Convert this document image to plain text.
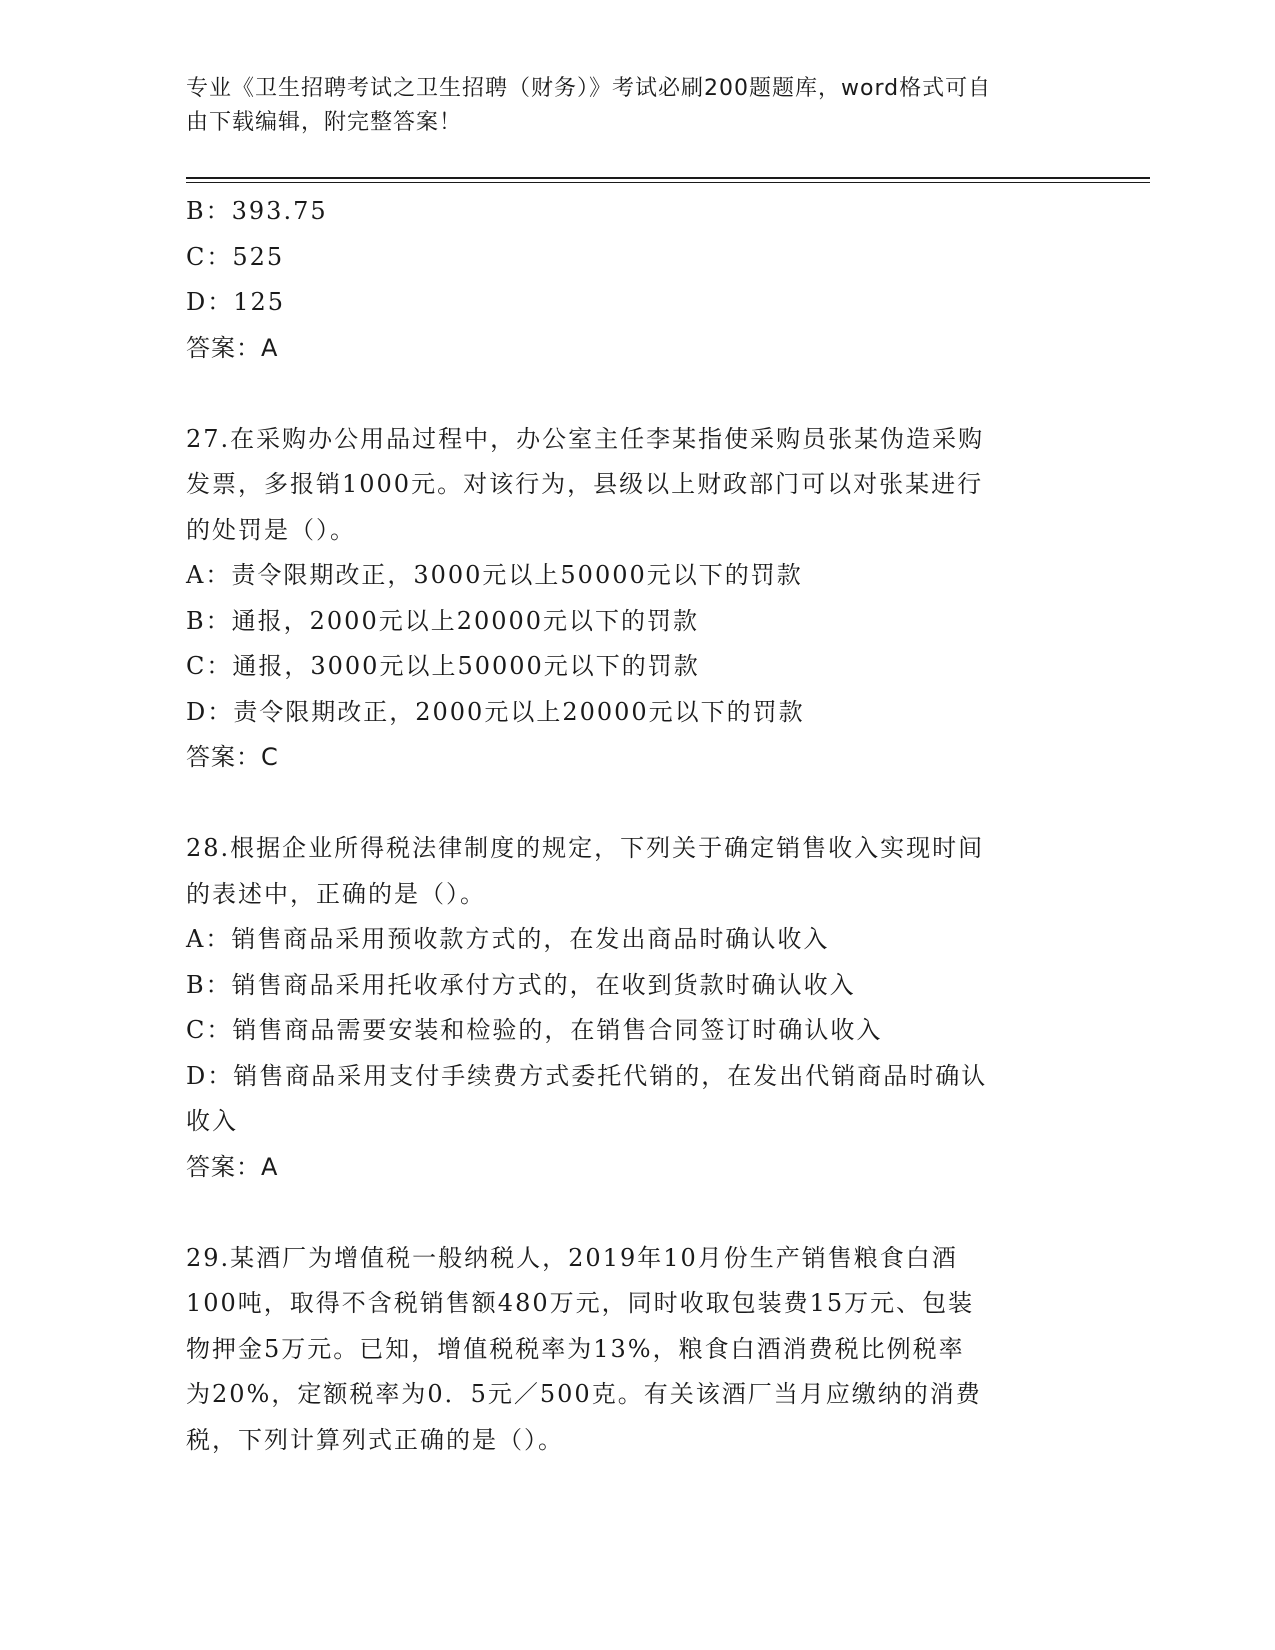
专业《卫生招聘考试之卫生招聘（财务）》考试必刷200题题库，word格式可自
由下载编辑，附完整答案！
B：393.75
C：525
D：125
答案：A
27.在采购办公用品过程中，办公室主任李某指使采购员张某伪造采购
发票，多报销1000元。对该行为，县级以上财政部门可以对张某进行
的处罚是（）。
A：责令限期改正，3000元以上50000元以下的罚款
B：通报，2000元以上20000元以下的罚款
C：通报，3000元以上50000元以下的罚款
D：责令限期改正，2000元以上20000元以下的罚款
答案：C
28.根据企业所得税法律制度的规定，下列关于确定销售收入实现时间
的表述中，正确的是（）。
A：销售商品采用预收款方式的，在发出商品时确认收入
B：销售商品采用托收承付方式的，在收到货款时确认收入
C：销售商品需要安装和检验的，在销售合同签订时确认收入
D：销售商品采用支付手续费方式委托代销的，在发出代销商品时确认
收入
答案：A
29.某酒厂为增值税一般纳税人，2019年10月份生产销售粮食白酒
100吨，取得不含税销售额480万元，同时收取包装费15万元、包装
物押金5万元。已知，增值税税率为13%，粮食白酒消费税比例税率
为20%，定额税率为0．5元／500克。有关该酒厂当月应缴纳的消费
税，下列计算列式正确的是（）。
